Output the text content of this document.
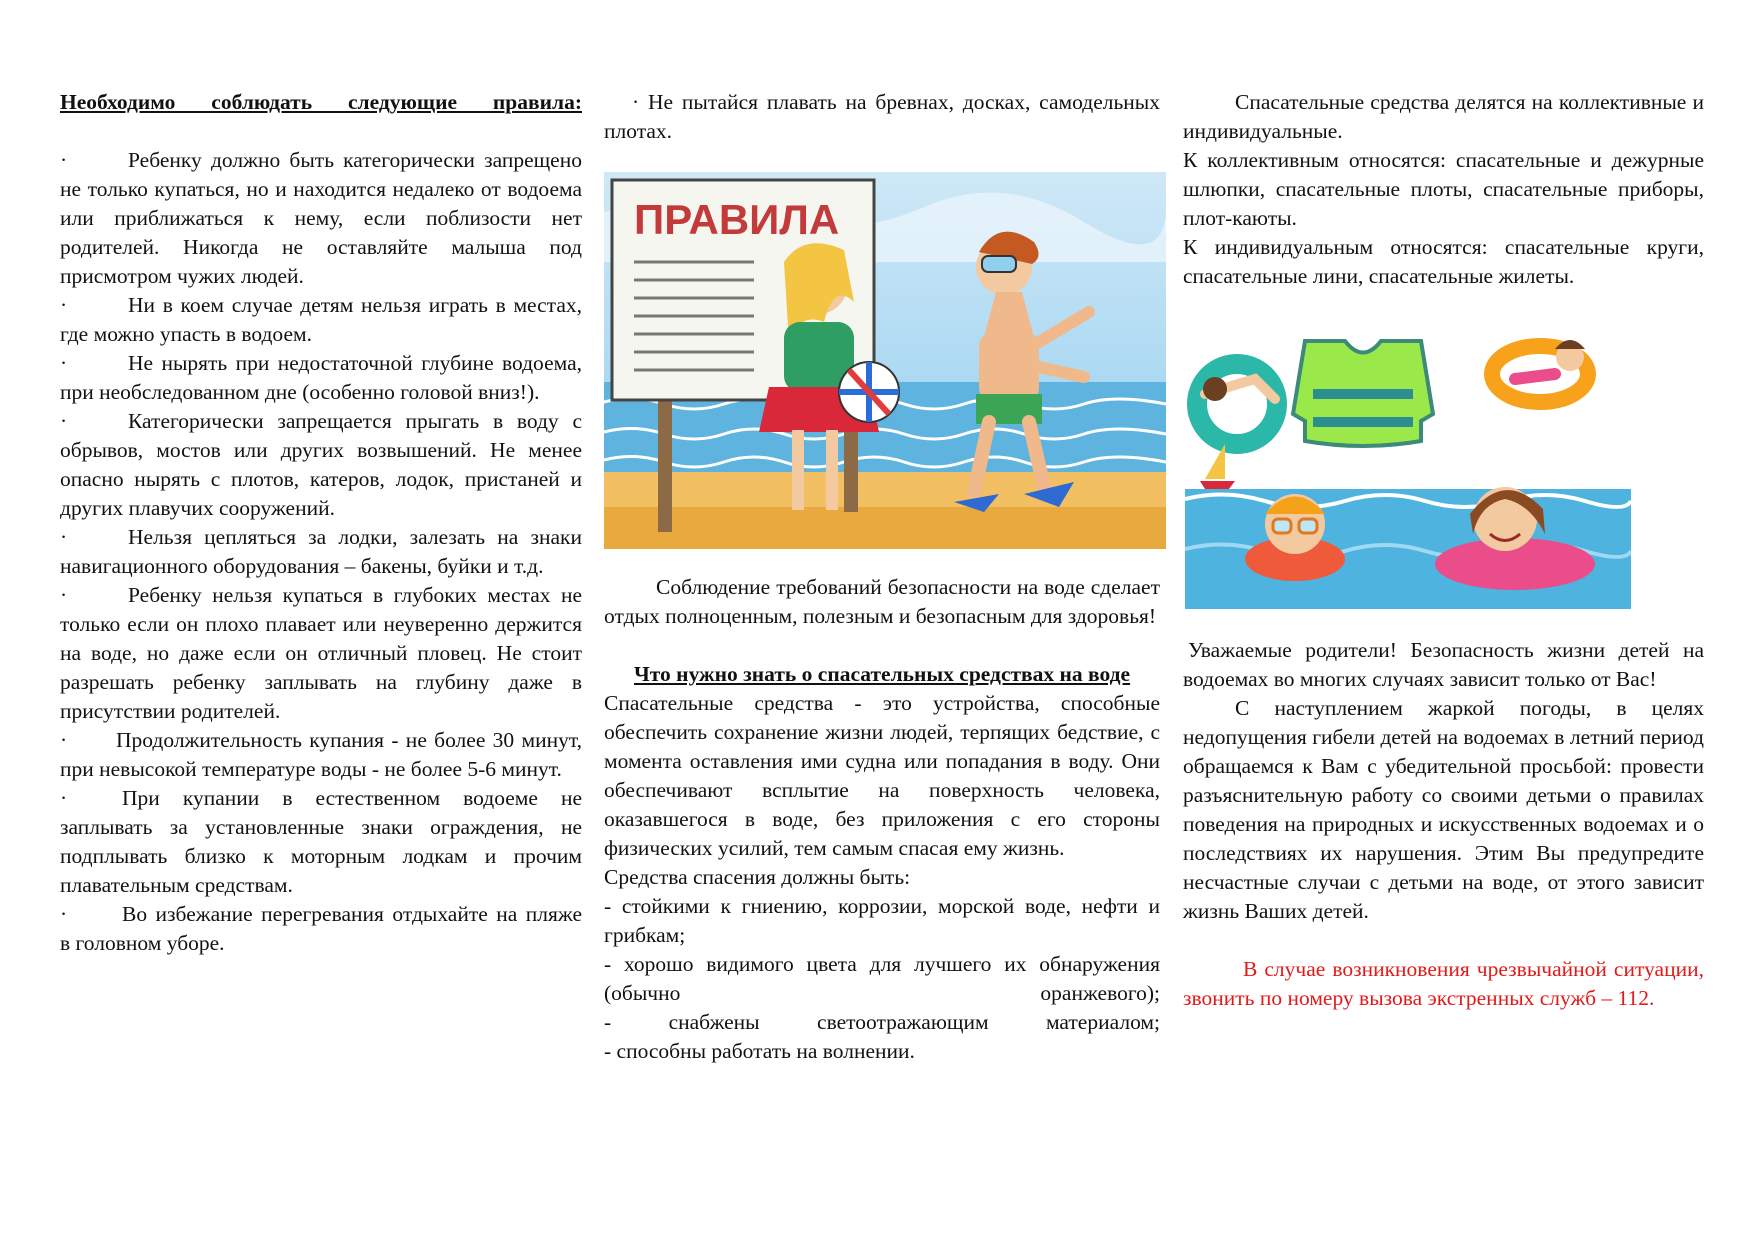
Необходимо соблюдать следующие правила:

·	Ребенку должно быть категорически запрещено не только купаться, но и находится недалеко от водоема или приближаться к нему, если поблизости нет родителей. Никогда не оставляйте малыша под присмотром чужих людей.

·	Ни в коем случае детям нельзя играть в местах, где можно упасть в водоем.

·	Не нырять при недостаточной глубине водоема, при необследованном дне (особенно головой вниз!).

·	Категорически запрещается прыгать в воду с обрывов, мостов или других возвышений. Не менее опасно нырять с плотов, катеров, лодок, пристаней и других плавучих сооружений.

·	Нельзя цепляться за лодки, залезать на знаки навигационного оборудования – бакены, буйки и т.д.

·	Ребенку нельзя купаться в глубоких местах не только если он плохо плавает или неуверенно держится на воде, но даже если он отличный пловец. Не стоит разрешать ребенку заплывать на глубину даже в присутствии родителей.

· Продолжительность купания - не более 30 минут, при невысокой температуре воды - не более 5-6 минут.

·	При купании в естественном водоеме не заплывать за установленные знаки ограждения, не подплывать близко к моторным лодкам и прочим плавательным средствам.

·	Во избежание перегревания отдыхайте на пляже в головном уборе.

· Не пытайся плавать на бревнах, досках, самодельных плотах.

ПРАВИЛА

Соблюдение требований безопасности на воде сделает отдых полноценным, полезным и безопасным для здоровья!

Что нужно знать о спасательных средствах на воде

Спасательные средства - это устройства, способные обеспечить сохранение жизни людей, терпящих бедствие, с момента оставления ими судна или попадания в воду. Они обеспечивают всплытие на поверхность человека, оказавшегося в воде, без приложения с его стороны физических усилий, тем самым спасая ему жизнь.

Средства спасения должны быть:

- стойкими к гниению, коррозии, морской воде, нефти и грибкам;

- хорошо видимого цвета для лучшего их обнаружения (обычно оранжевого);

- снабжены светоотражающим материалом;

- способны работать на волнении.

Спасательные средства делятся на коллективные и индивидуальные.

К коллективным относятся: спасательные и дежурные шлюпки, спасательные плоты, спасательные приборы, плот-каюты.

К индивидуальным относятся: спасательные круги, спасательные лини, спасательные жилеты.

Уважаемые родители! Безопасность жизни детей на водоемах во многих случаях зависит только от Вас!

С наступлением жаркой погоды, в целях недопущения гибели детей на водоемах в летний период обращаемся к Вам с убедительной просьбой: провести разъяснительную работу со своими детьми о правилах поведения на природных и искусственных водоемах и о последствиях их нарушения. Этим Вы предупредите несчастные случаи с детьми на воде, от этого зависит жизнь Ваших детей.

В случае возникновения чрезвычайной ситуации, звонить по номеру вызова экстренных служб – 112.
